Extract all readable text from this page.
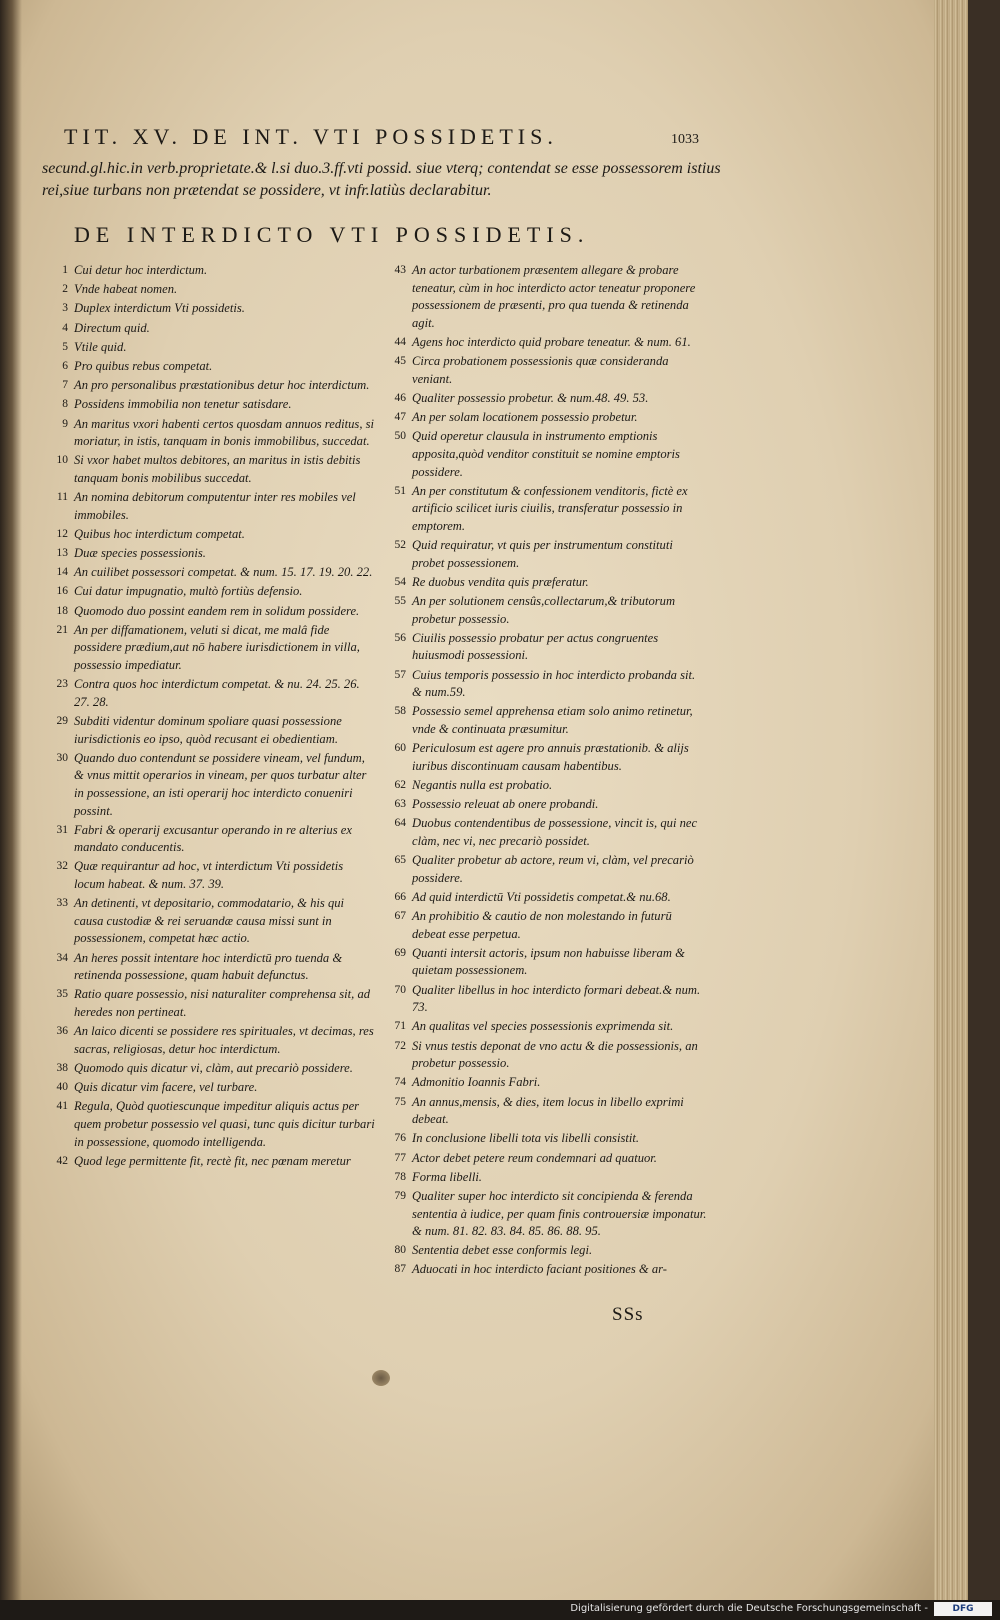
TIT. XV. DE INT. VTI POSSIDETIS.	1033
secund.gl.hic.in verb.proprietate.& l.si duo.3.ff.vti possid. siue vterq; contendat se esse possessorem istius rei,siue turbans non prætendat se possidere, vt infr.latiùs declarabitur.
DE INTERDICTO VTI POSSIDETIS.
1 Cui detur hoc interdictum.
2 Vnde habeat nomen.
3 Duplex interdictum Vti possidetis.
4 Directum quid.
5 Vtile quid.
6 Pro quibus rebus competat.
7 An pro personalibus præstationibus detur hoc interdictum.
8 Possidens immobilia non tenetur satisdare.
9 An maritus vxori habenti certos quosdam annuos reditus, si moriatur, in istis, tanquam in bonis immobilibus, succedat.
10 Si vxor habet multos debitores, an maritus in istis debitis tanquam bonis mobilibus succedat.
11 An nomina debitorum computentur inter res mobiles vel immobiles.
12 Quibus hoc interdictum competat.
13 Duæ species possessionis.
14 An cuilibet possessori competat. & num. 15. 17. 19. 20. 22.
16 Cui datur impugnatio, multò fortiùs defensio.
18 Quomodo duo possint eandem rem in solidum possidere.
21 An per diffamationem, veluti si dicat, me malâ fide possidere prædium,aut nō habere iurisdictionem in villa, possessio impediatur.
23 Contra quos hoc interdictum competat. & nu. 24. 25. 26. 27. 28.
29 Subditi videntur dominum spoliare quasi possessione iurisdictionis eo ipso, quòd recusant ei obedientiam.
30 Quando duo contendunt se possidere vineam, vel fundum, & vnus mittit operarios in vineam, per quos turbatur alter in possessione, an isti operarij hoc interdicto conueniri possint.
31 Fabri & operarij excusantur operando in re alterius ex mandato conducentis.
32 Quæ requirantur ad hoc, vt interdictum Vti possidetis locum habeat. & num. 37. 39.
33 An detinenti, vt depositario, commodatario, & his qui causa custodiæ & rei seruandæ causa missi sunt in possessionem, competat hæc actio.
34 An heres possit intentare hoc interdictū pro tuenda & retinenda possessione, quam habuit defunctus.
35 Ratio quare possessio, nisi naturaliter comprehensa sit, ad heredes non pertineat.
36 An laico dicenti se possidere res spirituales, vt decimas, res sacras, religiosas, detur hoc interdictum.
38 Quomodo quis dicatur vi, clàm, aut precariò possidere.
40 Quis dicatur vim facere, vel turbare.
41 Regula, Quòd quotiescunque impeditur aliquis actus per quem probetur possessio vel quasi, tunc quis dicitur turbari in possessione, quomodo intelligenda.
42 Quod lege permittente fit, rectè fit, nec pœnam meretur
43 An actor turbationem præsentem allegare & probare teneatur, cùm in hoc interdicto actor teneatur proponere possessionem de præsenti, pro qua tuenda & retinenda agit.
44 Agens hoc interdicto quid probare teneatur. & num. 61.
45 Circa probationem possessionis quæ consideranda veniant.
46 Qualiter possessio probetur. & num.48. 49. 53.
47 An per solam locationem possessio probetur.
50 Quid operetur clausula in instrumento emptionis apposita,quòd venditor constituit se nomine emptoris possidere.
51 An per constitutum & confessionem venditoris, fictè ex artificio scilicet iuris ciuilis, transferatur possessio in emptorem.
52 Quid requiratur, vt quis per instrumentum constituti probet possessionem.
54 Re duobus vendita quis præferatur.
55 An per solutionem censûs,collectarum,& tributorum probetur possessio.
56 Ciuilis possessio probatur per actus congruentes huiusmodi possessioni.
57 Cuius temporis possessio in hoc interdicto probanda sit. & num.59.
58 Possessio semel apprehensa etiam solo animo retinetur, vnde & continuata præsumitur.
60 Periculosum est agere pro annuis præstationib. & alijs iuribus discontinuam causam habentibus.
62 Negantis nulla est probatio.
63 Possessio releuat ab onere probandi.
64 Duobus contendentibus de possessione, vincit is, qui nec clàm, nec vi, nec precariò possidet.
65 Qualiter probetur ab actore, reum vi, clàm, vel precariò possidere.
66 Ad quid interdictū Vti possidetis competat.& nu.68.
67 An prohibitio & cautio de non molestando in futurū debeat esse perpetua.
69 Quanti intersit actoris, ipsum non habuisse liberam & quietam possessionem.
70 Qualiter libellus in hoc interdicto formari debeat.& num. 73.
71 An qualitas vel species possessionis exprimenda sit.
72 Si vnus testis deponat de vno actu & die possessionis, an probetur possessio.
74 Admonitio Ioannis Fabri.
75 An annus,mensis, & dies, item locus in libello exprimi debeat.
76 In conclusione libelli tota vis libelli consistit.
77 Actor debet petere reum condemnari ad quatuor.
78 Forma libelli.
79 Qualiter super hoc interdicto sit concipienda & ferenda sententia à iudice, per quam finis controuersiæ imponatur. & num. 81. 82. 83. 84. 85. 86. 88. 95.
80 Sententia debet esse conformis legi.
87 Aduocati in hoc interdicto faciant positiones & ar-
SSs
Digitalisierung gefördert durch die Deutsche Forschungsgemeinschaft -	DFG
